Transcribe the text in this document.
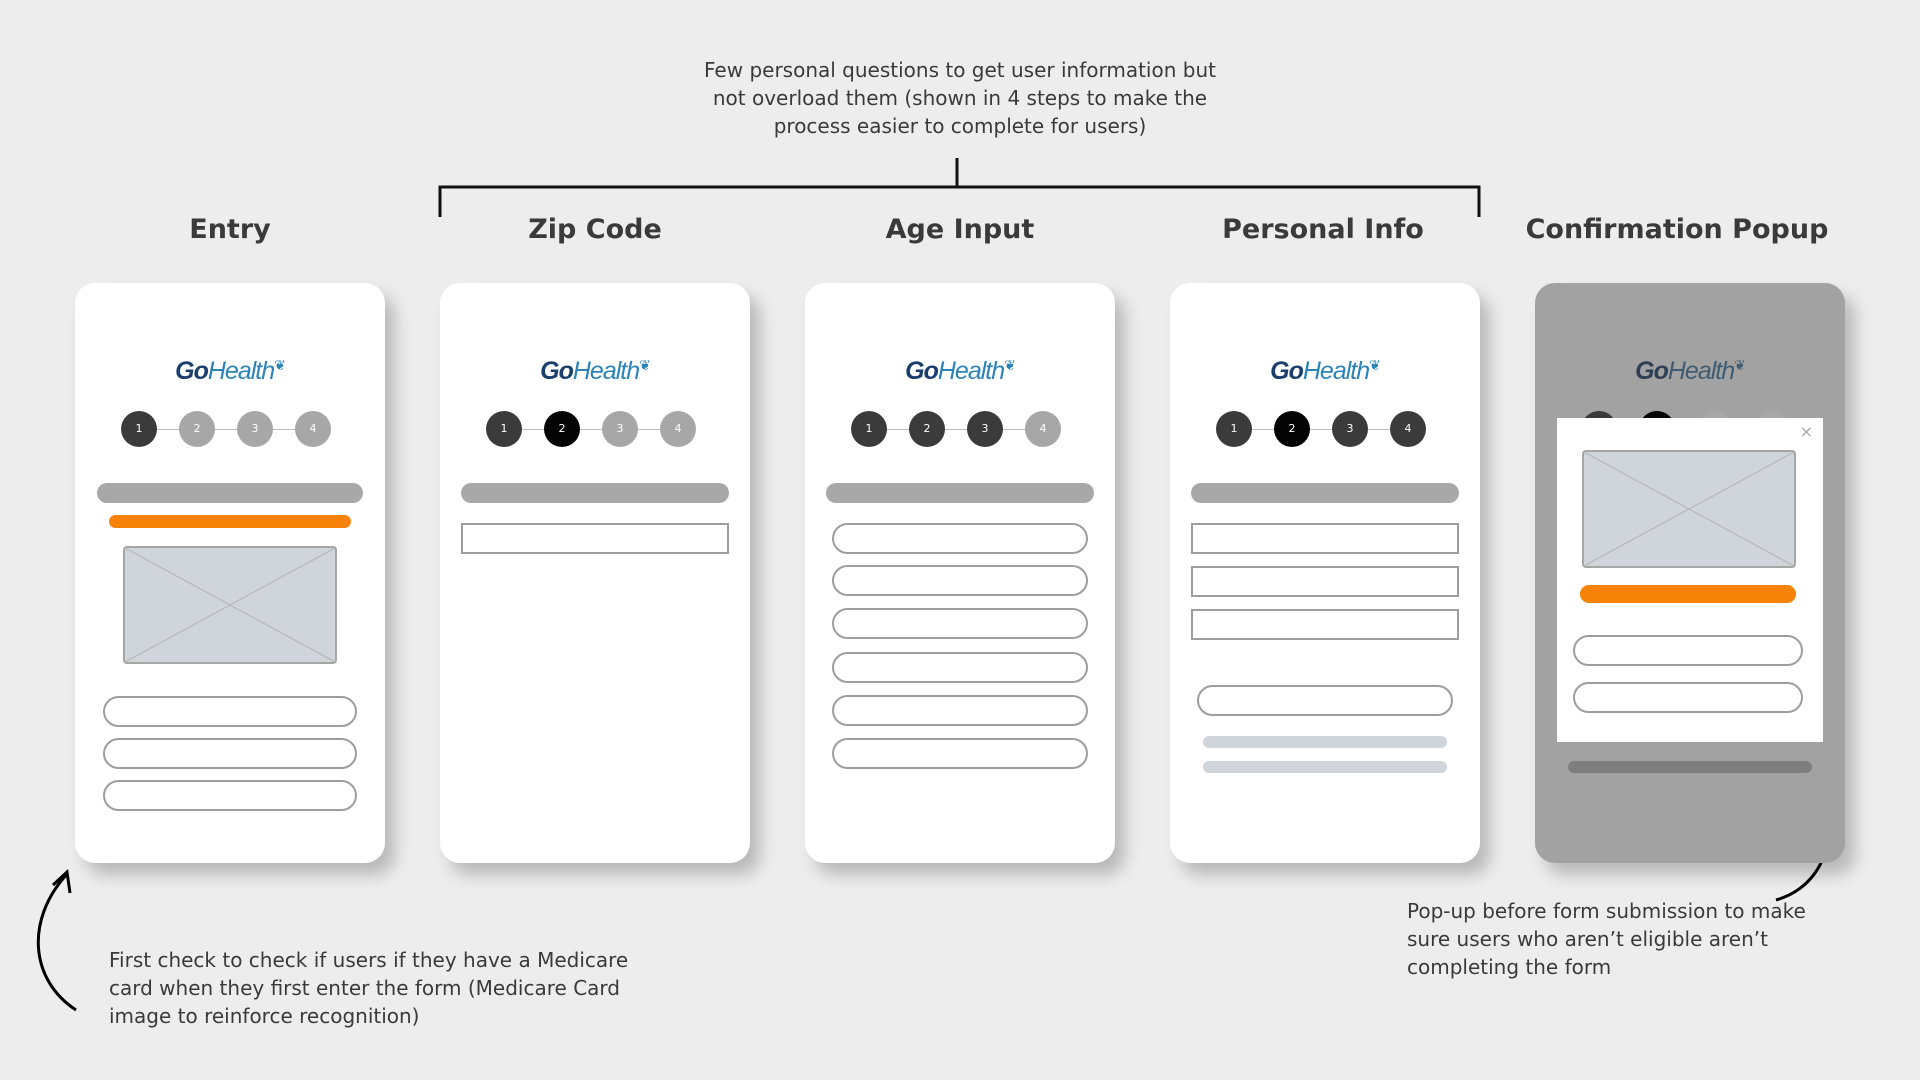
Few personal questions to get user information but not overload them (shown in 4 steps to make the process easier to complete for users)
First check to check if users if they have a Medicare card when they first enter the form (Medicare Card image to reinforce recognition)
Pop-up before form submission to make sure users who aren’t eligible aren’t completing the form
Entry	Zip Code	Age Input	Personal Info	Confirmation Popup
GoHealth❦
1	2	3	4
GoHealth❦
1	2	3	4
GoHealth❦
1	2	3	4
GoHealth❦
1	2	3	4
GoHealth❦
×
